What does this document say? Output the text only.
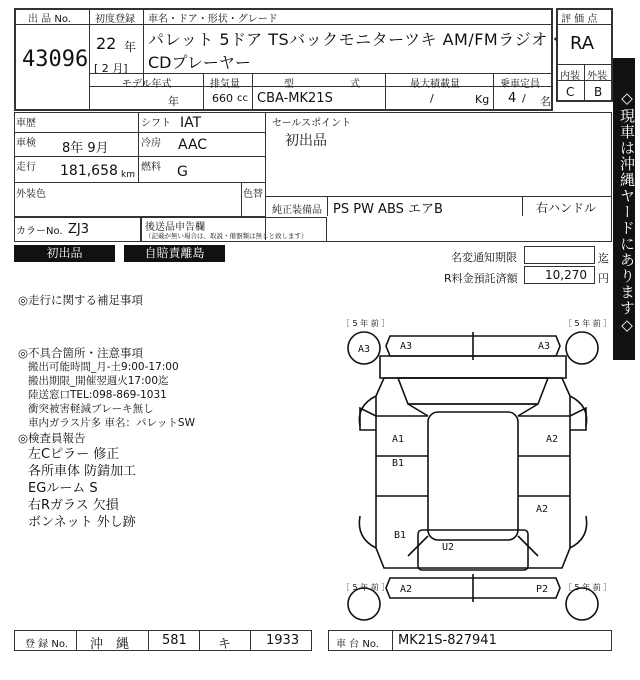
出 品 No.
43096
初度登録
22 年
[ 2 月]
車名・ドア・形状・グレード
パレット 5ドア TSバックモニターツキ AM/FMラジオ・
CDプレーヤー
モデル年式
年
排気量
660 cc
型	式
CBA-MK21S
最大積載量
/	Kg
乗車定員
4 / 名
評 価 点
RA
内装 外装
C B
車歴	シフト IAT
車検 8年 9月	冷房 AAC
走行 181,658 km
燃料 G
外装色	色替
セールスポイント
初出品
純正装備品 PS PW ABS エアB	右ハンドル
カラーNo. ZJ3	後送品申告欄
（記載が無い場合は、取説・備器類は無しと致します）
初出品	自賠責離島	名変通知期限	迄
R料金預託済額 10,270 円 ◇現車は沖縄ヤードにあります◇
◎走行に関する補足事項
◎不具合箇所・注意事項
搬出可能時間_月-土9:00-17:00
搬出期限_開催翌週火17:00迄
陸送窓口TEL:098-869-1031
衝突被害軽減ブレーキ無し
車内ガラス片多 車名：パレットSW
◎検査員報告
左Cピラー 修正
各所車体 防錆加工
EGルーム S
右Rガラス 欠損
ボンネット 外し跡
［ 5 年 前 ］	［ 5 年 前 ］
［ 5 年 前 ］	［ 5 年 前 ］
A3	A3	A3
A1
B1
A2
A2
B1
U2
A2	P2
登 録 No. 沖　縄	581 キ	1933	車 台 No. MK21S-827941
